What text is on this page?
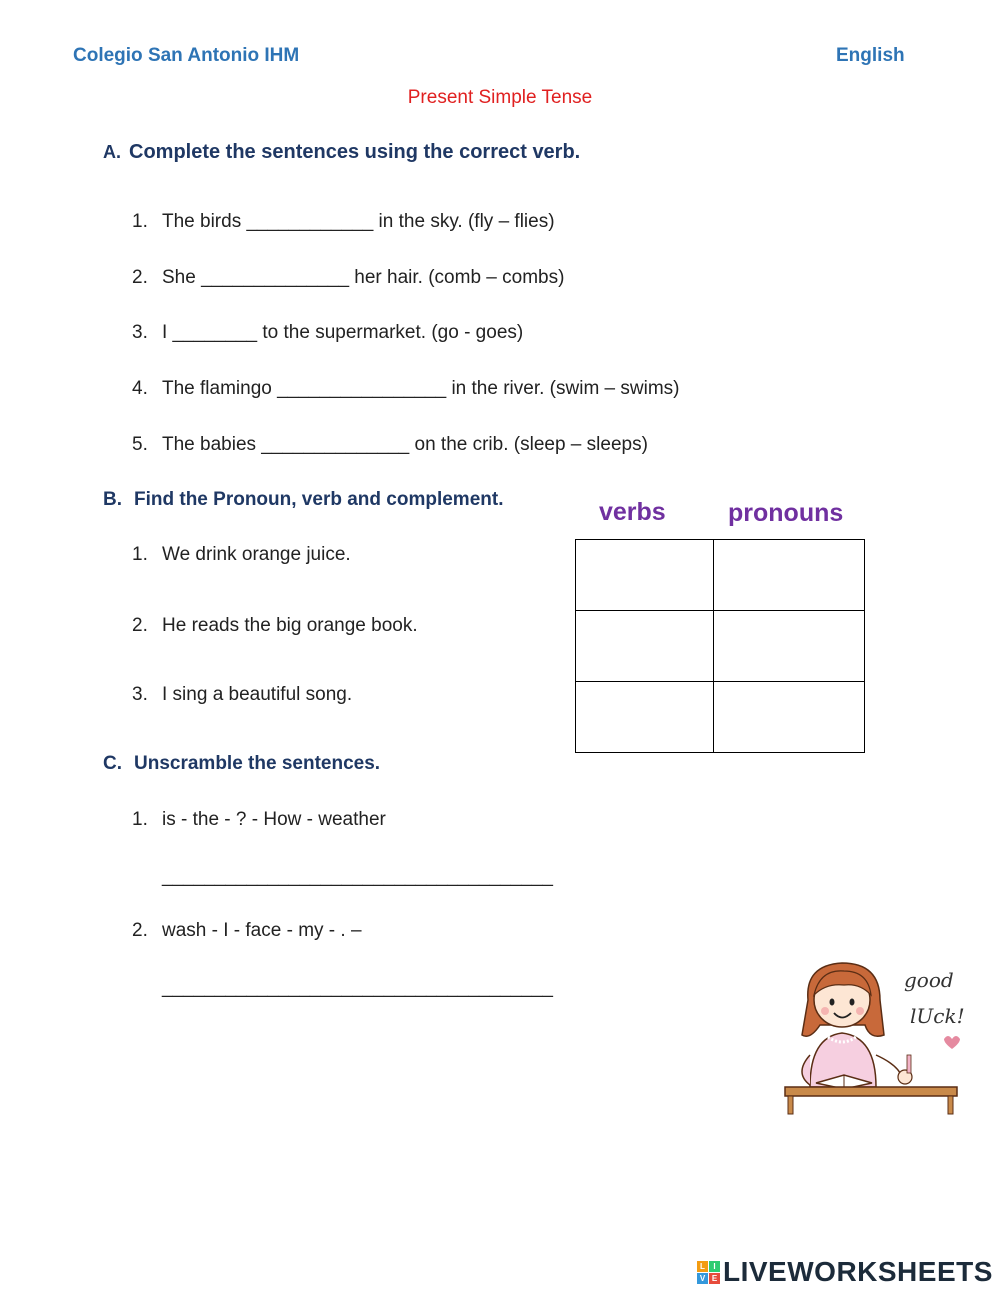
Colegio San Antonio IHM	English
Present Simple Tense
A. Complete the sentences using the correct verb.
1. The birds ____________ in the sky. (fly – flies)
2. She ______________ her hair. (comb – combs)
3. I ________ to the supermarket. (go - goes)
4. The flamingo ________________ in the river. (swim – swims)
5. The babies ______________ on the crib. (sleep – sleeps)
B. Find the Pronoun, verb and complement.
1. We drink orange juice.
2. He reads the big orange book.
3. I sing a beautiful song.
verbs pronouns

C. Unscramble the sentences.
1. is - the - ? - How - weather
_____________________________________
2. wash - I - face - my - . –
_____________________________________	good
lUck!
L	I
V E LIVEWORKSHEETS
